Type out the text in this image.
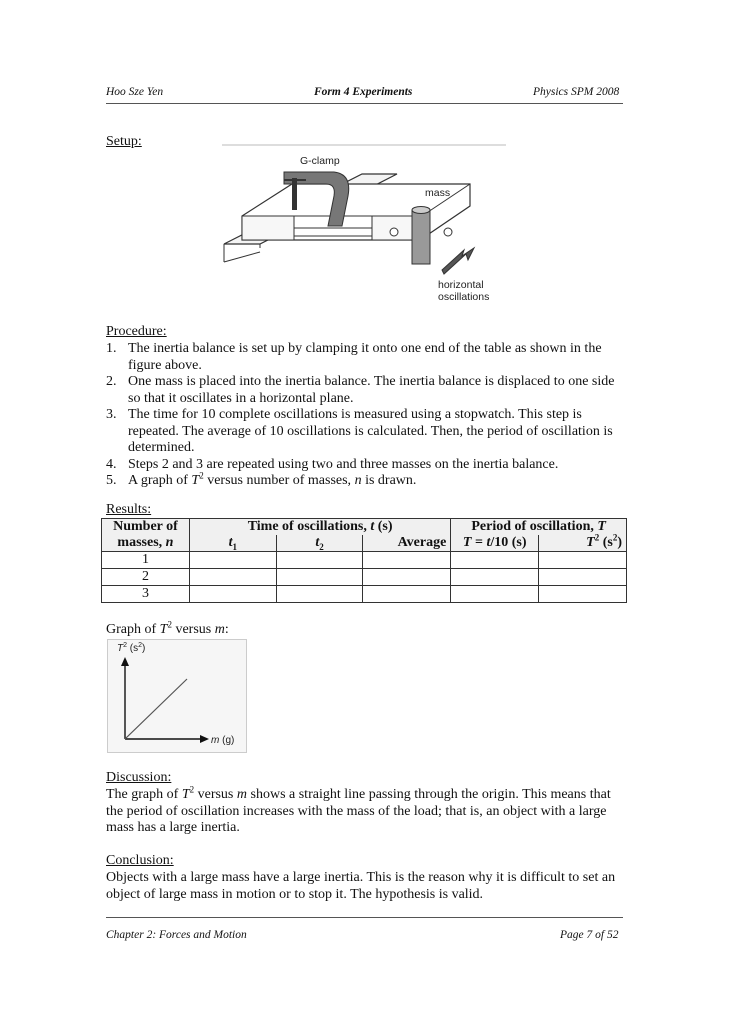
Hoo Sze Yen	Form 4 Experiments	Physics SPM 2008
Setup:
G-clamp
mass
horizontal
oscillations
Procedure:
1. The inertia balance is set up by clamping it onto one end of the table as shown in the figure above.
2. One mass is placed into the inertia balance. The inertia balance is displaced to one side so that it oscillates in a horizontal plane.
3. The time for 10 complete oscillations is measured using a stopwatch. This step is repeated. The average of 10 oscillations is calculated. Then, the period of oscillation is determined.
4. Steps 2 and 3 are repeated using two and three masses on the inertia balance.
5. A graph of $T^2$ versus number of masses, n is drawn.
Results:
Number of	Time of oscillations, t (s)			Period of oscillation, T	
masses, n	$t_1$	$t_2$	Average	T = t/10 (s)	$T^2$ $(s^2)$
1					
2					
3					
Graph of $T^2$ versus m:
$T^2$ $(s^2)$
m (g)
Discussion:
The graph of $T^2$ versus m shows a straight line passing through the origin. This means that the period of oscillation increases with the mass of the load; that is, an object with a large mass has a large inertia.
Conclusion:
Objects with a large mass have a large inertia. This is the reason why it is difficult to set an object of large mass in motion or to stop it. The hypothesis is valid.
Chapter 2: Forces and Motion	Page 7 of 52
